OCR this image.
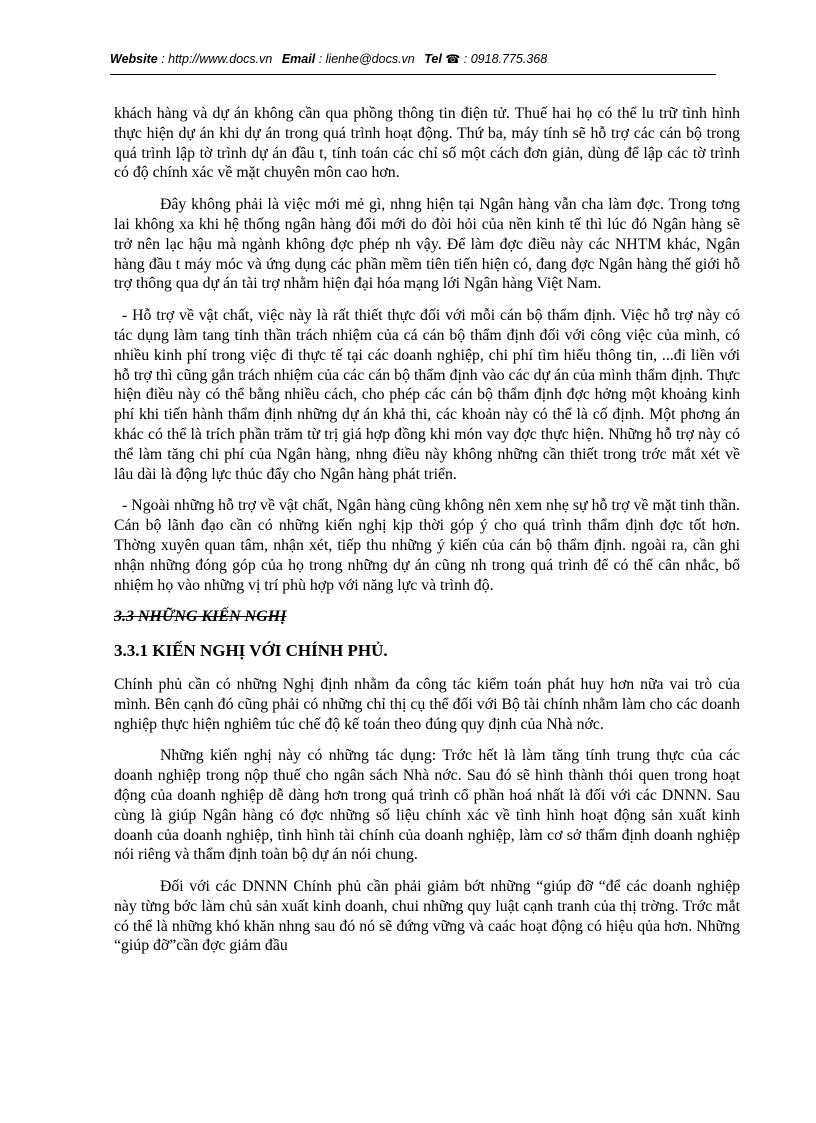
Website : http://www.docs.vn Email : lienhe@docs.vn Tel ☎ : 0918.775.368

khách hàng và dự án không cần qua phồng thông tin điện tử. Thuế hai họ có thể lu trữ tình hình thực hiện dự án khi dự án trong quá trình hoạt động. Thứ ba, máy tính sẽ hỗ trợ các cán bộ trong quá trình lập tờ trình dự án đầu t, tính toán các chỉ số một cách đơn giản, dùng để lập các tờ trình có độ chính xác về mặt chuyên môn cao hơn.

Đây không phải là việc mới mẻ gì, nhng hiện tại Ngân hàng vẫn cha làm đợc. Trong tơng lai không xa khi hệ thống ngân hàng đổi mới do đòi hỏi của nền kinh tế thì lúc đó Ngân hàng sẽ trở nên lạc hậu mà ngành không đợc phép nh vậy. Để làm đợc điều này các NHTM khác, Ngân hàng đầu t máy móc và ứng dụng các phần mềm tiên tiến hiện có, đang đợc Ngân hàng thế giới hỗ trợ thông qua dự án tài trợ nhằm hiện đại hóa mạng lới Ngân hàng Việt Nam.

- Hỗ trợ về vật chất, việc này là rất thiết thực đối với mỗi cán bộ thẩm định. Việc hỗ trợ này có tác dụng làm tang tinh thần trách nhiệm của cá cán bộ thẩm định đối với công việc của mình, có nhiều kinh phí trong việc đi thực tế tại các doanh nghiệp, chi phí tìm hiểu thông tin, ...đi liền với hỗ trợ thì cũng gắn trách nhiệm của các cán bộ thẩm định vào các dự án của mình thẩm định. Thực hiện điều này có thể bằng nhiều cách, cho phép các cán bộ thẩm định đợc hởng một khoảng kinh phí khi tiến hành thẩm định những dự án khả thi, các khoản này có thể là cố định. Một phơng án khác có thể là trích phần trăm từ trị giá hợp đồng khi món vay đợc thực hiện. Những hỗ trợ này có thể làm tăng chi phí của Ngân hàng, nhng điều này không những cần thiết trong trớc mắt xét về lâu dài là động lực thúc đẩy cho Ngân hàng phát triển.

- Ngoài những hỗ trợ về vật chất, Ngân hàng cũng không nên xem nhẹ sự hỗ trợ về mặt tinh thần. Cán bộ lãnh đạo cần có những kiến nghị kịp thời góp ý cho quá trình thẩm định đợc tốt hơn. Thờng xuyên quan tâm, nhận xét, tiếp thu những ý kiến của cán bộ thẩm định. ngoài ra, cần ghi nhận những đóng góp của họ trong những dự án cũng nh trong quá trình để có thể cân nhắc, bổ nhiệm họ vào những vị trí phù hợp với năng lực và trình độ.

3.3 NHỮNG KIẾN NGHỊ
3.3.1 KIẾN NGHỊ VỚI CHÍNH PHỦ.

Chính phủ cần có những Nghị định nhằm đa công tác kiểm toán phát huy hơn nữa vai trò của mình. Bên cạnh đó cũng phải có những chỉ thị cụ thể đối với Bộ tài chính nhằm làm cho các doanh nghiệp thực hiện nghiêm túc chế độ kế toán theo đúng quy định của Nhà nớc.

Những kiến nghị này có những tác dụng: Trớc hết là làm tăng tính trung thực của các doanh nghiệp trong nộp thuế cho ngân sách Nhà nớc. Sau đó sẽ hình thành thói quen trong hoạt động của doanh nghiệp dễ dàng hơn trong quá trình cổ phần hoá nhất là đối với các DNNN. Sau cùng là giúp Ngân hàng có đợc những số liệu chính xác về tình hình hoạt động sản xuất kinh doanh của doanh nghiệp, tình hình tài chính của doanh nghiệp, làm cơ sở thẩm định doanh nghiệp nói riêng và thẩm định toàn bộ dự án nói chung.

Đối với các DNNN Chính phủ cần phải giảm bớt những “giúp đỡ “để các doanh nghiệp này từng bớc làm chủ sản xuất kinh doanh, chui những quy luật cạnh tranh của thị trờng. Trớc mắt có thể là những khó khăn nhng sau đó nó sẽ đứng vững và caác hoạt động có hiệu qủa hơn. Những “giúp đỡ”cần đợc giảm đầu
